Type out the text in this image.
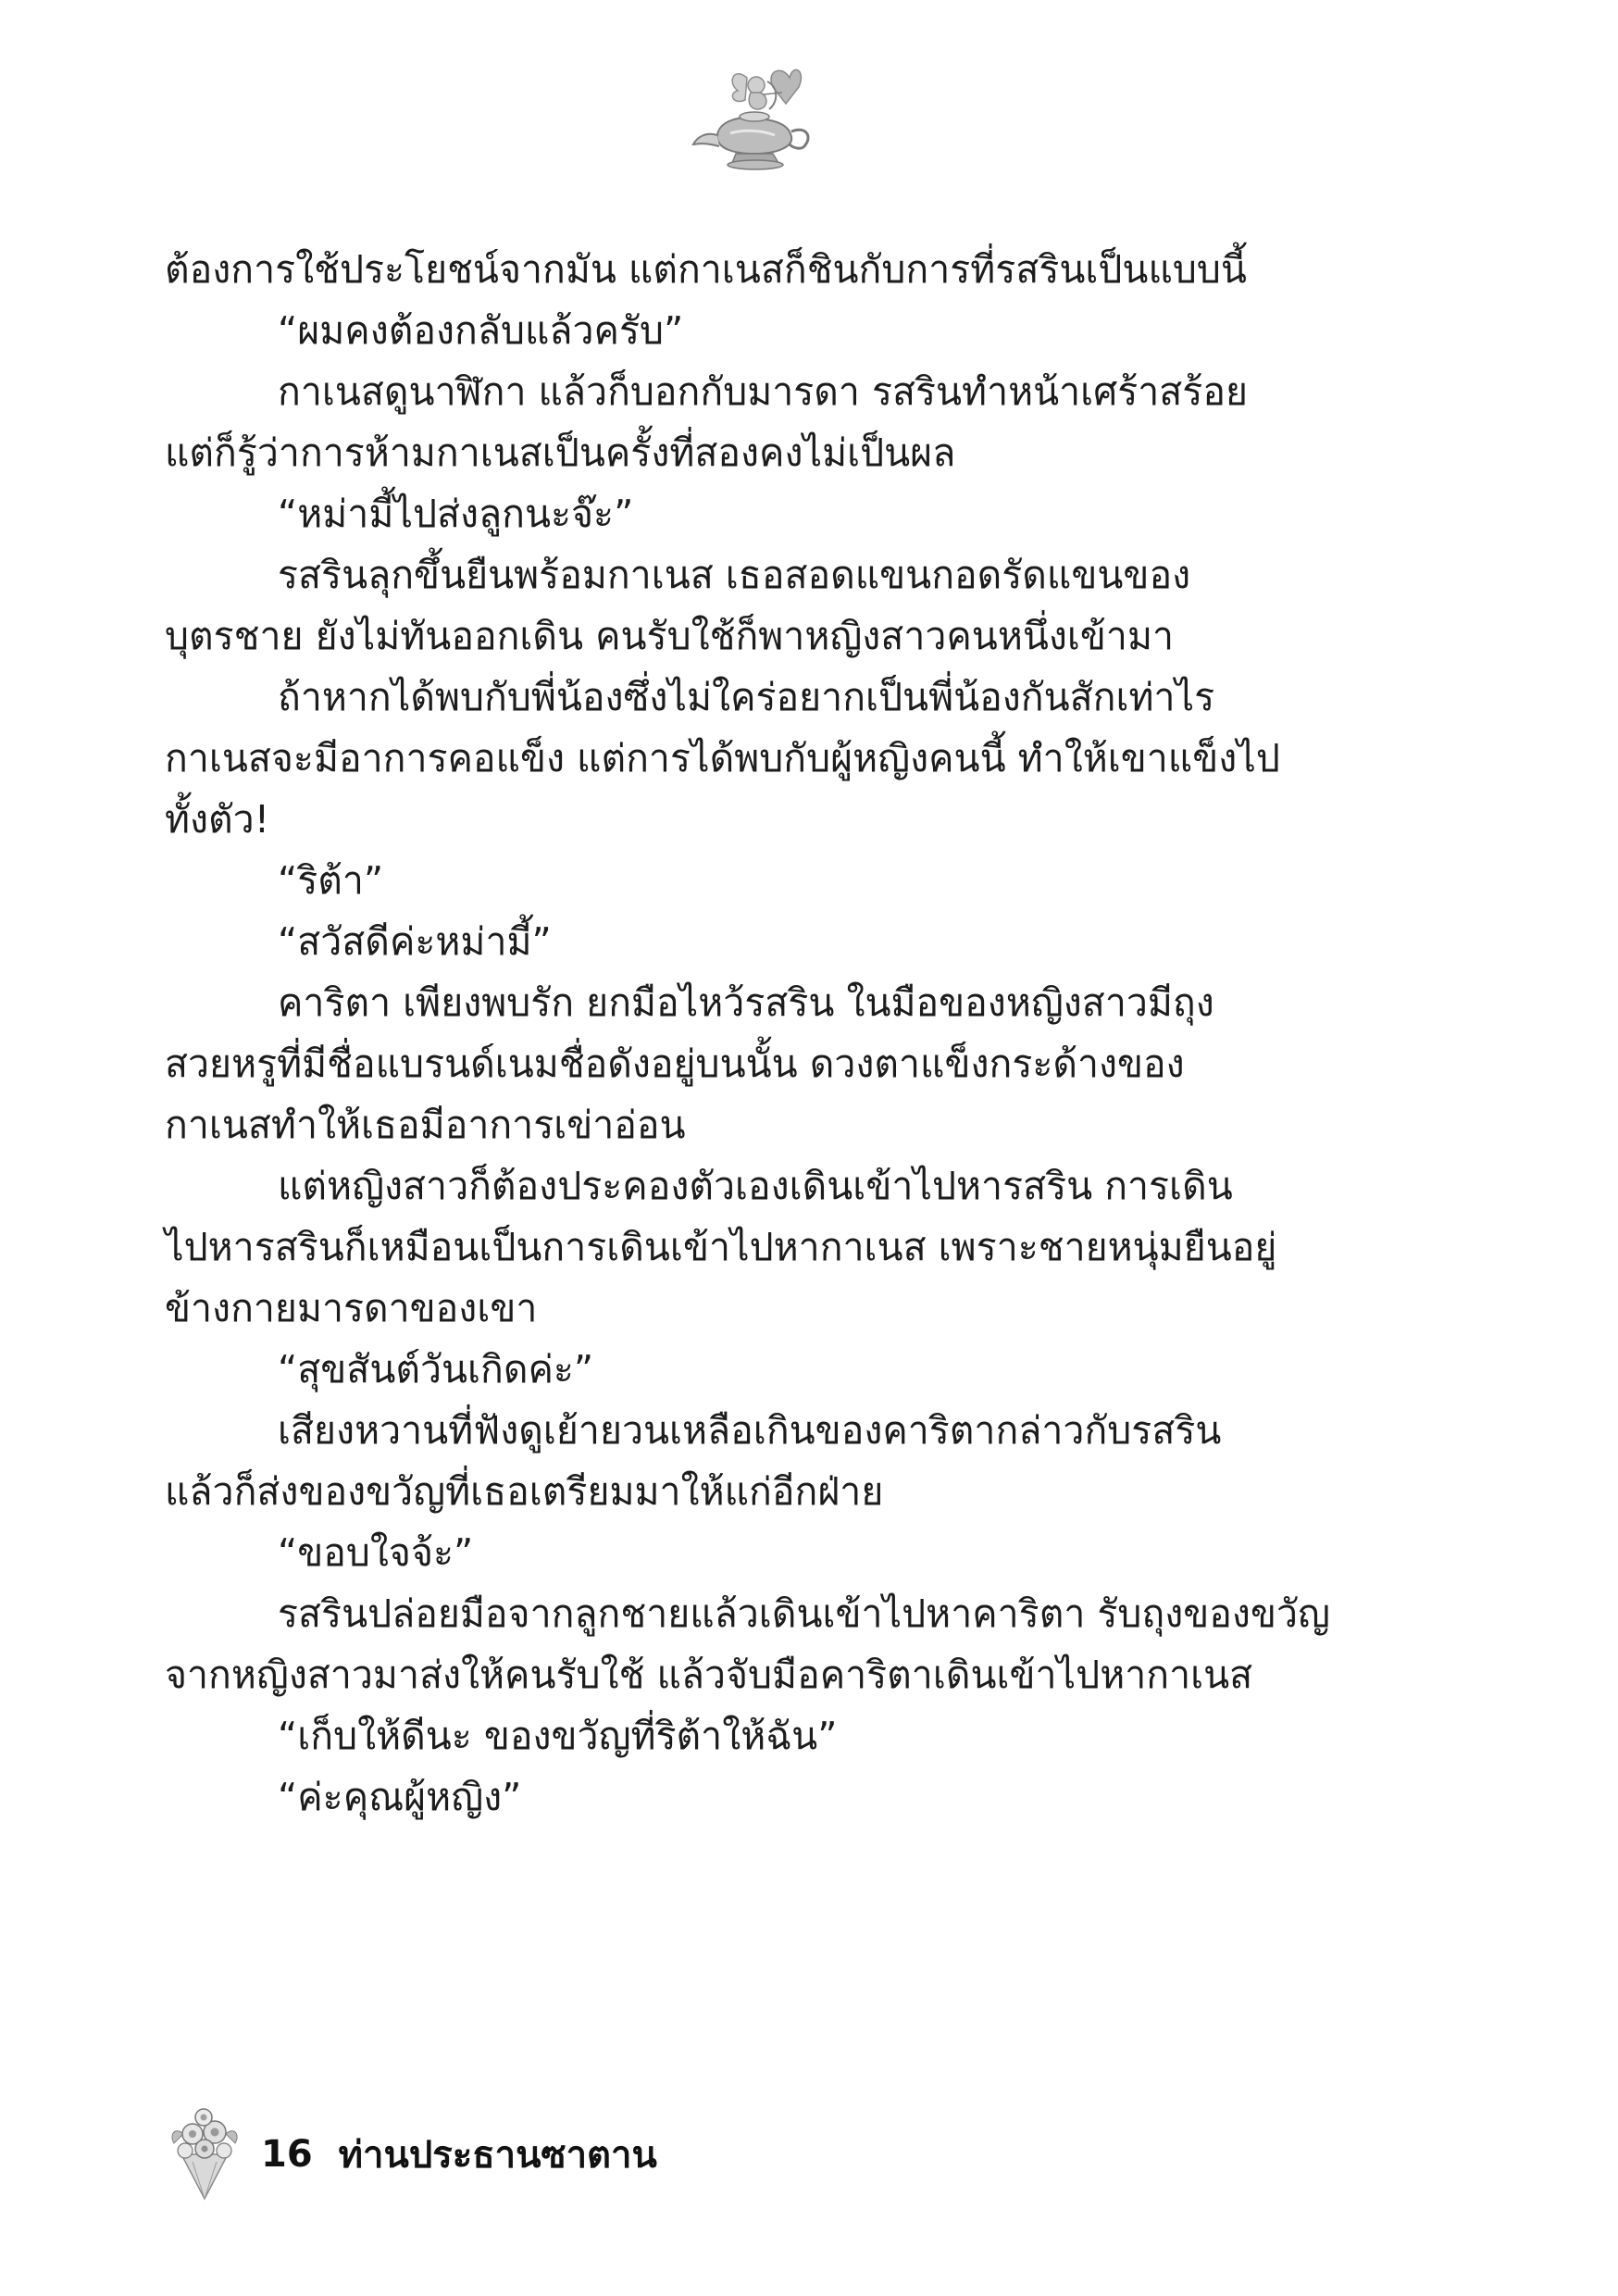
ต้องการใช้ประโยชน์จากมัน แต่กาเนสก็ชินกับการที่รสรินเป็นแบบนี้

“ผมคงต้องกลับแล้วครับ”

กาเนสดูนาฬิกา แล้วก็บอกกับมารดา รสรินทำหน้าเศร้าสร้อย

แต่ก็รู้ว่าการห้ามกาเนสเป็นครั้งที่สองคงไม่เป็นผล

“หม่ามี้ไปส่งลูกนะจ๊ะ”

รสรินลุกขึ้นยืนพร้อมกาเนส เธอสอดแขนกอดรัดแขนของ

บุตรชาย ยังไม่ทันออกเดิน คนรับใช้ก็พาหญิงสาวคนหนึ่งเข้ามา

ถ้าหากได้พบกับพี่น้องซึ่งไม่ใคร่อยากเป็นพี่น้องกันสักเท่าไร

กาเนสจะมีอาการคอแข็ง แต่การได้พบกับผู้หญิงคนนี้ ทำให้เขาแข็งไป

ทั้งตัว!

“ริต้า”

“สวัสดีค่ะหม่ามี้”

คาริตา เพียงพบรัก ยกมือไหว้รสริน ในมือของหญิงสาวมีถุง

สวยหรูที่มีชื่อแบรนด์เนมชื่อดังอยู่บนนั้น ดวงตาแข็งกระด้างของ

กาเนสทำให้เธอมีอาการเข่าอ่อน

แต่หญิงสาวก็ต้องประคองตัวเองเดินเข้าไปหารสริน การเดิน

ไปหารสรินก็เหมือนเป็นการเดินเข้าไปหากาเนส เพราะชายหนุ่มยืนอยู่

ข้างกายมารดาของเขา

“สุขสันต์วันเกิดค่ะ”

เสียงหวานที่ฟังดูเย้ายวนเหลือเกินของคาริตากล่าวกับรสริน

แล้วก็ส่งของขวัญที่เธอเตรียมมาให้แก่อีกฝ่าย

“ขอบใจจ้ะ”

รสรินปล่อยมือจากลูกชายแล้วเดินเข้าไปหาคาริตา รับถุงของขวัญ

จากหญิงสาวมาส่งให้คนรับใช้ แล้วจับมือคาริตาเดินเข้าไปหากาเนส

“เก็บให้ดีนะ ของขวัญที่ริต้าให้ฉัน”

“ค่ะคุณผู้หญิง”

16 ท่านประธานซาตาน
